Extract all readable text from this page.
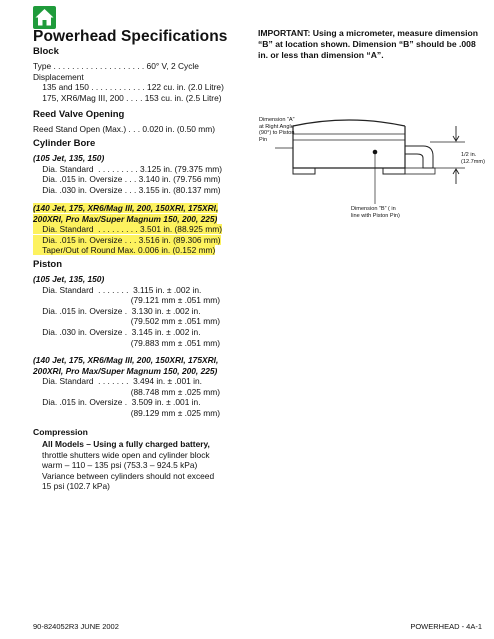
Powerhead Specifications
Block
Type . . . . . . . . . . . . . . . . . . . . 60° V, 2 Cycle
Displacement
135 and 150 . . . . . . . . . . . . 122 cu. in. (2.0 Litre)
175, XR6/Mag III, 200 . . . . 153 cu. in. (2.5 Litre)
Reed Valve Opening
Reed Stand Open (Max.) . . . 0.020 in. (0.50 mm)
Cylinder Bore
(105 Jet, 135, 150)
Dia. Standard  . . . . . . . . . 3.125 in. (79.375 mm)
Dia. .015 in. Oversize . . . 3.140 in. (79.756 mm)
Dia. .030 in. Oversize . . . 3.155 in. (80.137 mm)
(140 Jet, 175, XR6/Mag III, 200, 150XRI, 175XRI,
200XRI, Pro Max/Super Magnum 150, 200, 225)
Dia. Standard  . . . . . . . . . 3.501 in. (88.925 mm)
Dia. .015 in. Oversize . . . 3.516 in. (89.306 mm)
Taper/Out of Round Max. 0.006 in. (0.152 mm)
Piston
(105 Jet, 135, 150)
Dia. Standard  . . . . . . .  3.115 in. ± .002 in.
(79.121 mm ± .051 mm)
Dia. .015 in. Oversize .  3.130 in. ± .002 in.
(79.502 mm ± .051 mm)
Dia. .030 in. Oversize .  3.145 in. ± .002 in.
(79.883 mm ± .051 mm)
(140 Jet, 175, XR6/Mag III, 200, 150XRI, 175XRI,
200XRI, Pro Max/Super Magnum 150, 200, 225)
Dia. Standard  . . . . . . .  3.494 in. ± .001 in.
(88.748 mm ± .025 mm)
Dia. .015 in. Oversize .  3.509 in. ± .001 in.
(89.129 mm ± .025 mm)
Compression
All Models – Using a fully charged battery,
throttle shutters wide open and cylinder block
warm – 110 – 135 psi (753.3 – 924.5 kPa)
Variance between cylinders should not exceed
15 psi (102.7 kPa)
IMPORTANT: Using a micrometer, measure dimension “B” at location shown. Dimension “B” should be .008 in. or less than dimension “A”.
Dimension “A”
at Right Angle
(90°) to Piston
Pin
Dimension “B” ( in
line with Piston Pin)
1/2 in.
(12.7mm)
90-824052R3 JUNE 2002	POWERHEAD - 4A-1
